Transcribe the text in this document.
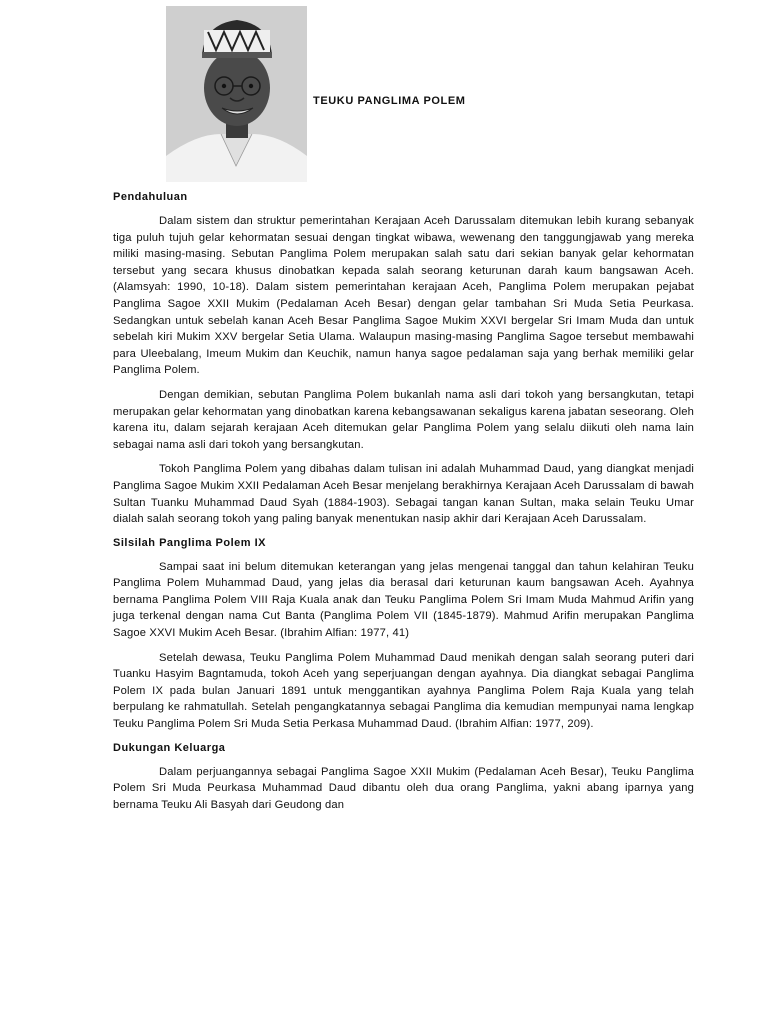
TEUKU PANGLIMA POLEM
Pendahuluan

Dalam sistem dan struktur pemerintahan Kerajaan Aceh Darussalam ditemukan lebih kurang sebanyak tiga puluh tujuh gelar kehormatan sesuai dengan tingkat wibawa, wewenang den tanggungjawab yang mereka miliki masing-masing. Sebutan Panglima Polem merupakan salah satu dari sekian banyak gelar kehormatan tersebut yang secara khusus dinobatkan kepada salah seorang keturunan darah kaum bangsawan Aceh. (Alamsyah: 1990, 10-18). Dalam sistem pemerintahan kerajaan Aceh, Panglima Polem merupakan pejabat Panglima Sagoe XXII Mukim (Pedalaman Aceh Besar) dengan gelar tambahan Sri Muda Setia Peurkasa. Sedangkan untuk sebelah kanan Aceh Besar Panglima Sagoe Mukim XXVI bergelar Sri Imam Muda dan untuk sebelah kiri Mukim XXV bergelar Setia Ulama. Walaupun masing-masing Panglima Sagoe tersebut membawahi para Uleebalang, Imeum Mukim dan Keuchik, namun hanya sagoe pedalaman saja yang berhak memiliki gelar Panglima Polem.

Dengan demikian, sebutan Panglima Polem bukanlah nama asli dari tokoh yang bersangkutan, tetapi merupakan gelar kehormatan yang dinobatkan karena kebangsawanan sekaligus karena jabatan seseorang. Oleh karena itu, dalam sejarah kerajaan Aceh ditemukan gelar Panglima Polem yang selalu diikuti oleh nama lain sebagai nama asli dari tokoh yang bersangkutan.

Tokoh Panglima Polem yang dibahas dalam tulisan ini adalah Muhammad Daud, yang diangkat menjadi Panglima Sagoe Mukim XXII Pedalaman Aceh Besar menjelang berakhirnya Kerajaan Aceh Darussalam di bawah Sultan Tuanku Muhammad Daud Syah (1884-1903). Sebagai tangan kanan Sultan, maka selain Teuku Umar dialah salah seorang tokoh yang paling banyak menentukan nasip akhir dari Kerajaan Aceh Darussalam.

Silsilah Panglima Polem IX

Sampai saat ini belum ditemukan keterangan yang jelas mengenai tanggal dan tahun kelahiran Teuku Panglima Polem Muhammad Daud, yang jelas dia berasal dari keturunan kaum bangsawan Aceh. Ayahnya bernama Panglima Polem VIII Raja Kuala anak dan Teuku Panglima Polem Sri Imam Muda Mahmud Arifin yang juga terkenal dengan nama Cut Banta (Panglima Polem VII (1845-1879). Mahmud Arifin merupakan Panglima Sagoe XXVI Mukim Aceh Besar. (Ibrahim Alfian: 1977, 41)

Setelah dewasa, Teuku Panglima Polem Muhammad Daud menikah dengan salah seorang puteri dari Tuanku Hasyim Bagntamuda, tokoh Aceh yang seperjuangan dengan ayahnya. Dia diangkat sebagai Panglima Polem IX pada bulan Januari 1891 untuk menggantikan ayahnya Panglima Polem Raja Kuala yang telah berpulang ke rahmatullah. Setelah pengangkatannya sebagai Panglima dia kemudian mempunyai nama lengkap Teuku Panglima Polem Sri Muda Setia Perkasa Muhammad Daud. (Ibrahim Alfian: 1977, 209).

Dukungan Keluarga

Dalam perjuangannya sebagai Panglima Sagoe XXII Mukim (Pedalaman Aceh Besar), Teuku Panglima Polem Sri Muda Peurkasa Muhammad Daud dibantu oleh dua orang Panglima, yakni abang iparnya yang bernama Teuku Ali Basyah dari Geudong dan
